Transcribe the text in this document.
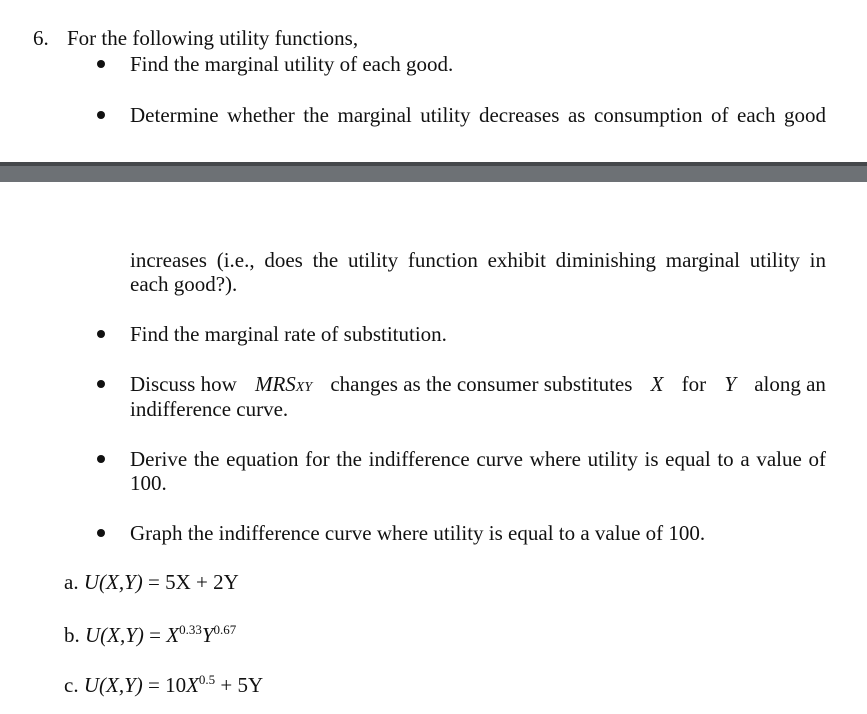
6. For the following utility functions,
Find the marginal utility of each good.
Determine whether the marginal utility decreases as consumption of each good
increases (i.e., does the utility function exhibit diminishing marginal utility in
each good?).
Find the marginal rate of substitution.
Discuss how MRSXY changes as the consumer substitutes X for Y along an
indifference curve.
Derive the equation for the indifference curve where utility is equal to a value of
100.
Graph the indifference curve where utility is equal to a value of 100.
a. U(X,Y) = 5X + 2Y
b. $U(X,Y) = X^{0.33}Y^{0.67}$
c. $U(X,Y) = 10X^{0.5} + 5Y$
